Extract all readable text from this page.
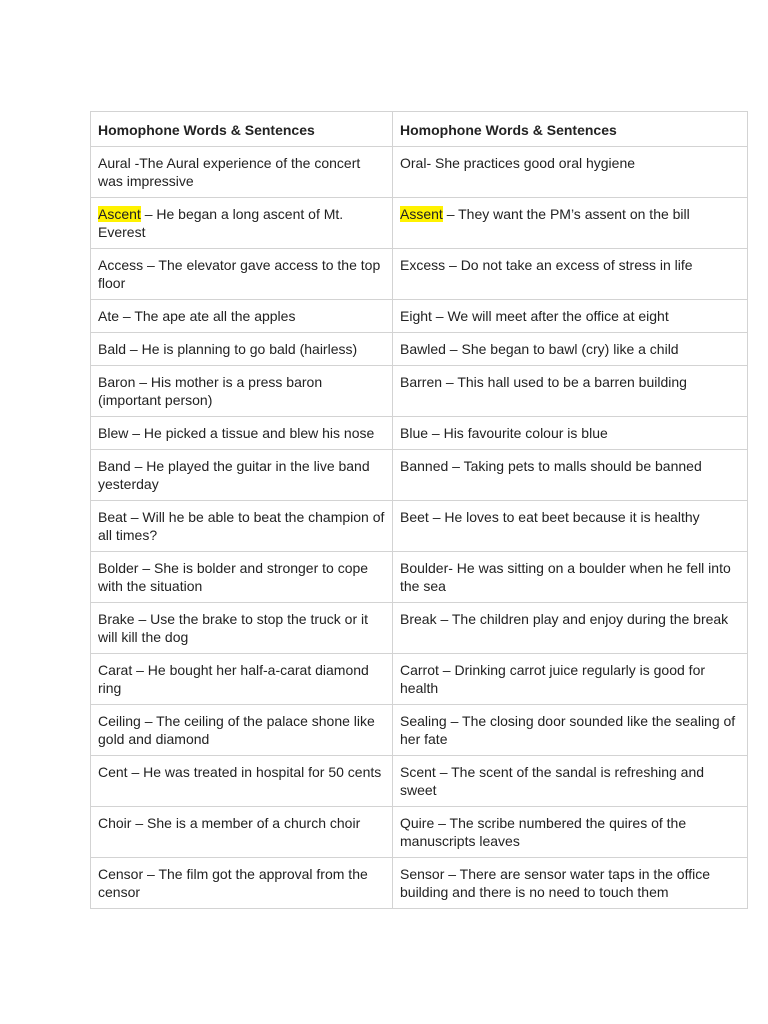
Homophone Words & Sentences	Homophone Words & Sentences
Aural -The Aural experience of the concert was impressive	Oral- She practices good oral hygiene
Ascent – He began a long ascent of Mt. Everest	Assent – They want the PM’s assent on the bill
Access – The elevator gave access to the top floor	Excess – Do not take an excess of stress in life
Ate – The ape ate all the apples	Eight – We will meet after the office at eight
Bald – He is planning to go bald (hairless)	Bawled – She began to bawl (cry) like a child
Baron – His mother is a press baron (important person)	Barren – This hall used to be a barren building
Blew – He picked a tissue and blew his nose	Blue – His favourite colour is blue
Band – He played the guitar in the live band yesterday	Banned – Taking pets to malls should be banned
Beat – Will he be able to beat the champion of all times?	Beet – He loves to eat beet because it is healthy
Bolder – She is bolder and stronger to cope with the situation	Boulder- He was sitting on a boulder when he fell into the sea
Brake – Use the brake to stop the truck or it will kill the dog	Break – The children play and enjoy during the break
Carat – He bought her half-a-carat diamond ring	Carrot – Drinking carrot juice regularly is good for health
Ceiling – The ceiling of the palace shone like gold and diamond	Sealing – The closing door sounded like the sealing of her fate
Cent – He was treated in hospital for 50 cents	Scent – The scent of the sandal is refreshing and sweet
Choir – She is a member of a church choir	Quire – The scribe numbered the quires of the manuscripts leaves
Censor – The film got the approval from the censor	Sensor – There are sensor water taps in the office building and there is no need to touch them
